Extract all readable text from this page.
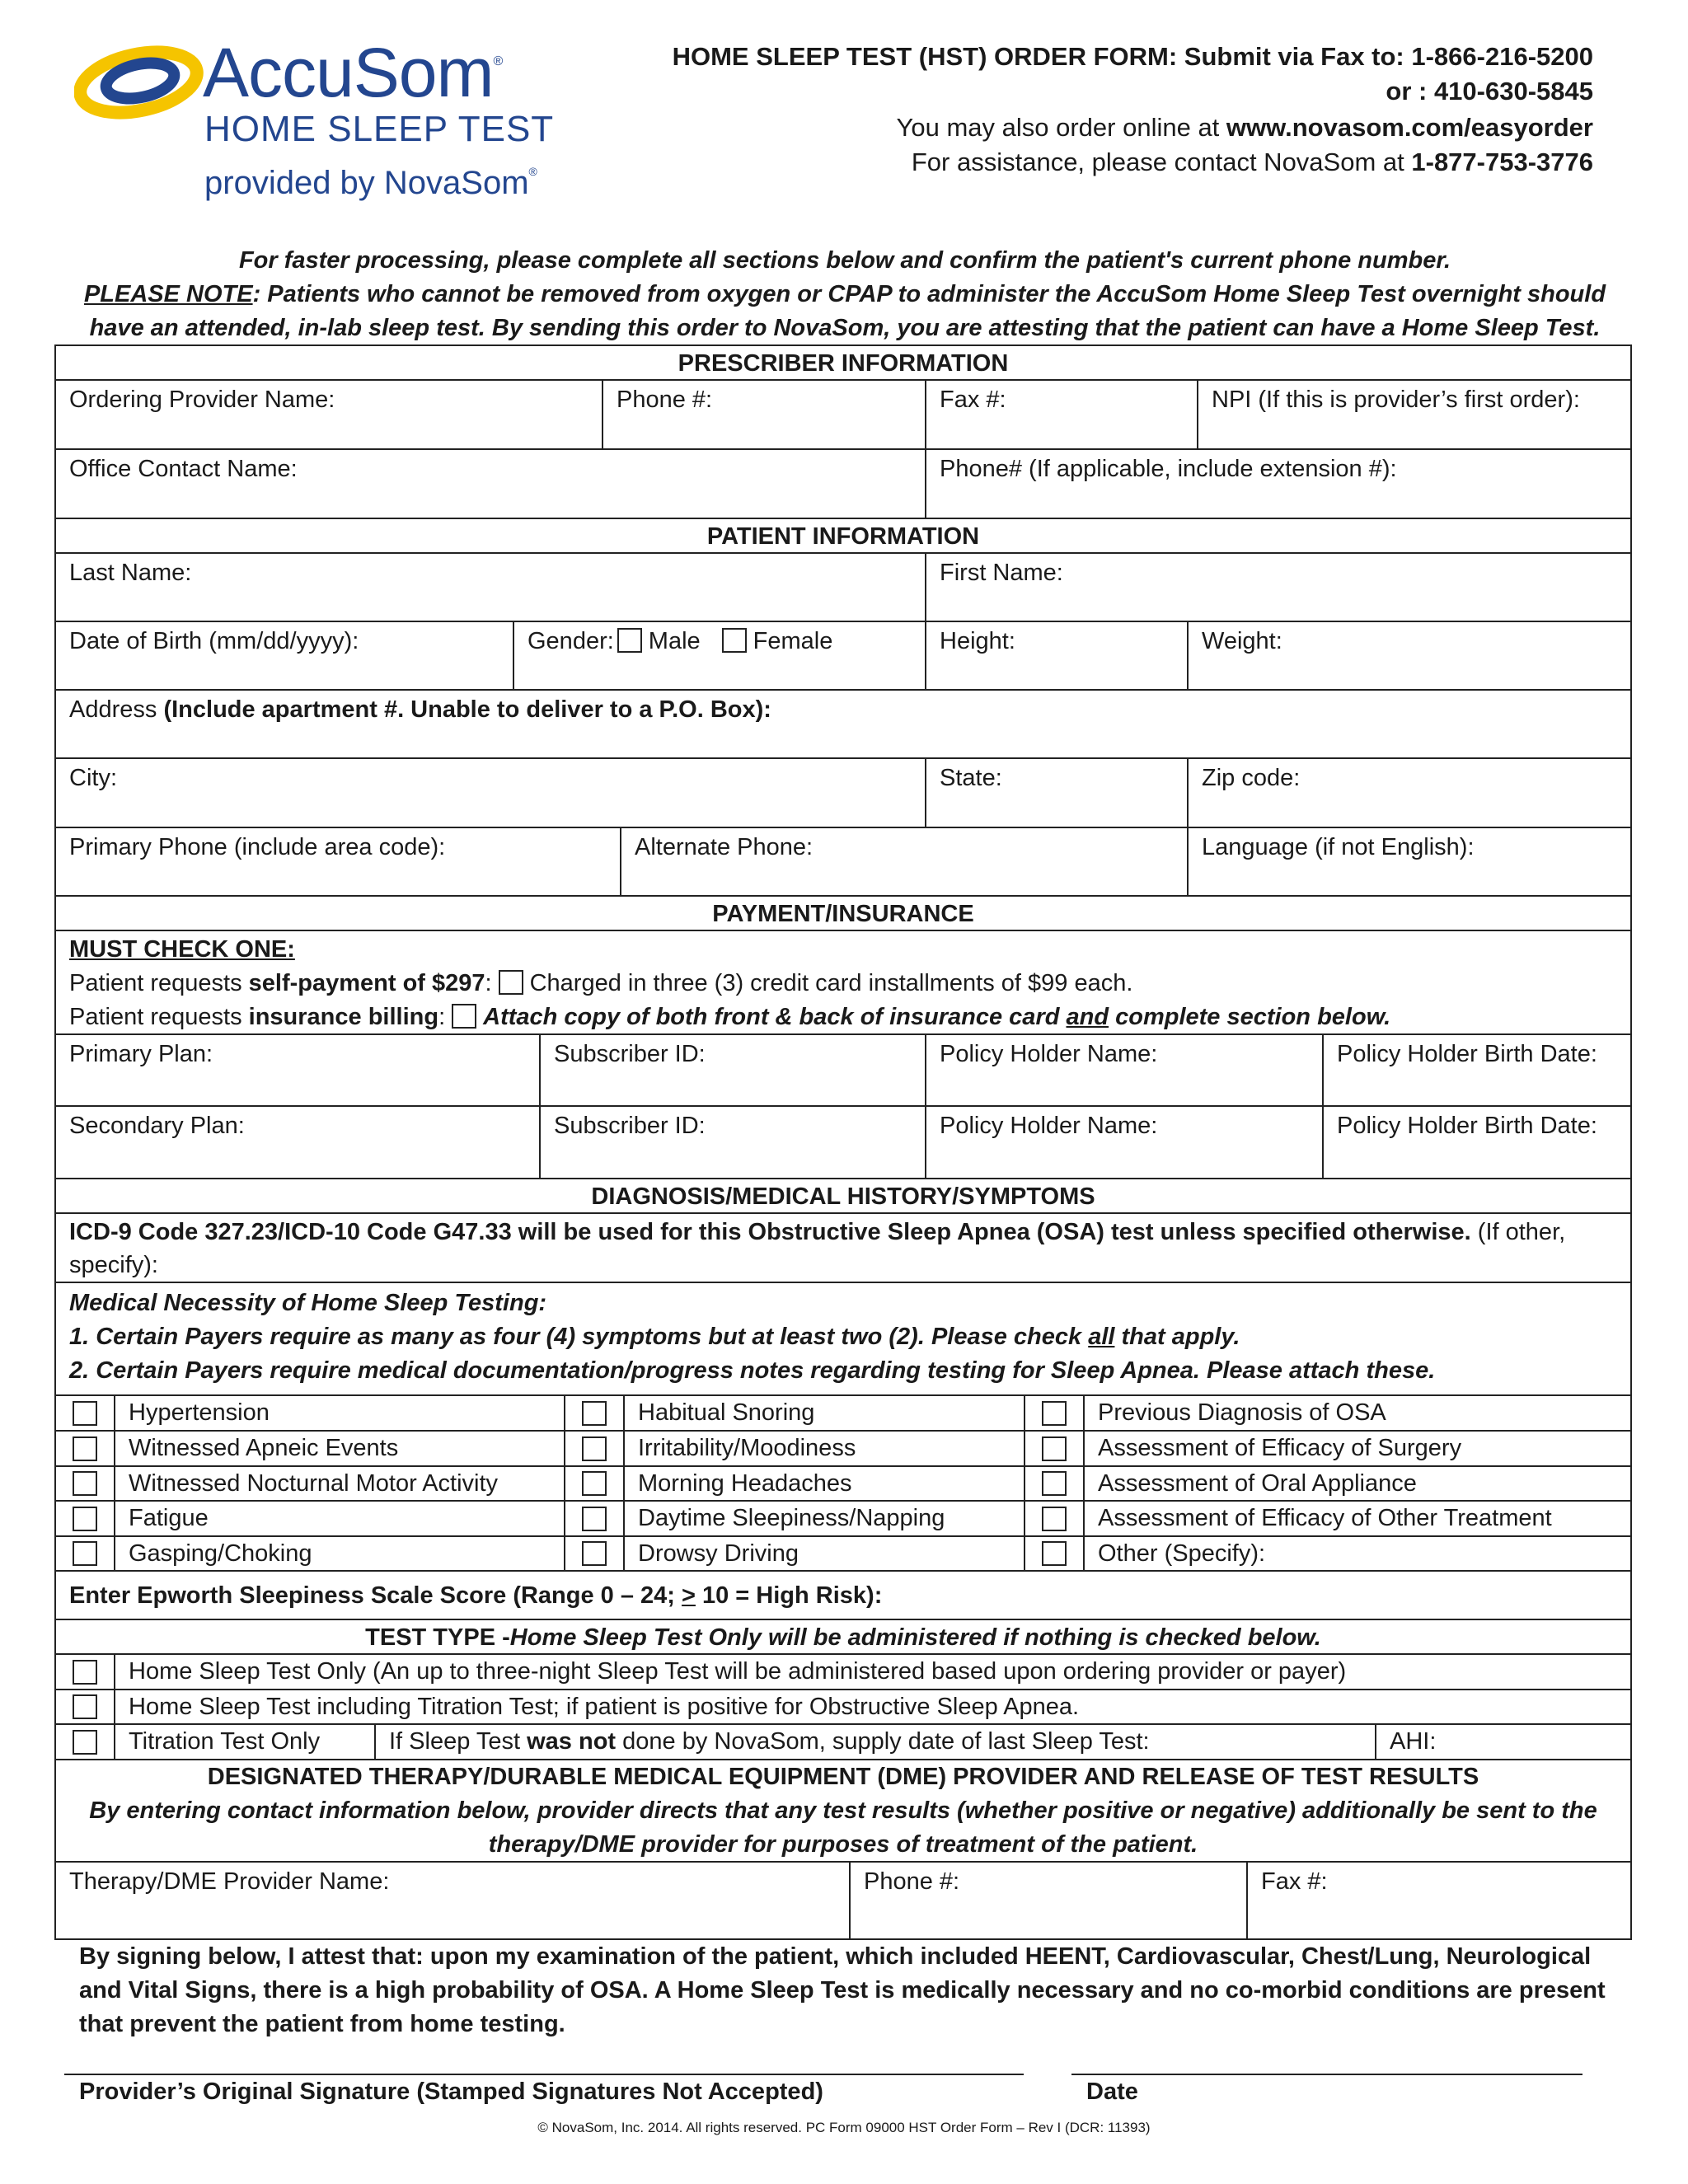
AccuSom®
HOME SLEEP TEST
provided by NovaSom®
HOME SLEEP TEST (HST) ORDER FORM: Submit via Fax to: 1-866-216-5200
or : 410-630-5845
You may also order online at www.novasom.com/easyorder
For assistance, please contact NovaSom at 1-877-753-3776
For faster processing, please complete all sections below and confirm the patient's current phone number.
PLEASE NOTE: Patients who cannot be removed from oxygen or CPAP to administer the AccuSom Home Sleep Test overnight should
have an attended, in-lab sleep test. By sending this order to NovaSom, you are attesting that the patient can have a Home Sleep Test.
PRESCRIBER INFORMATION
Ordering Provider Name:	Phone #:	Fax #:	NPI (If this is provider’s first order):
Office Contact Name:	Phone# (If applicable, include extension #):
PATIENT INFORMATION
Last Name:	First Name:
Date of Birth (mm/dd/yyyy):	Gender: Male Female	Height:	Weight:
Address (Include apartment #. Unable to deliver to a P.O. Box):
City:	State:	Zip code:
Primary Phone (include area code):	Alternate Phone:	Language (if not English):
PAYMENT/INSURANCE
MUST CHECK ONE:
Patient requests self-payment of $297: Charged in three (3) credit card installments of $99 each.
Patient requests insurance billing: Attach copy of both front & back of insurance card and complete section below.
Primary Plan:	Subscriber ID:	Policy Holder Name:	Policy Holder Birth Date:
Secondary Plan:	Subscriber ID:	Policy Holder Name:	Policy Holder Birth Date:
DIAGNOSIS/MEDICAL HISTORY/SYMPTOMS
ICD-9 Code 327.23/ICD-10 Code G47.33 will be used for this Obstructive Sleep Apnea (OSA) test unless specified otherwise. (If other, specify):
Medical Necessity of Home Sleep Testing:
1. Certain Payers require as many as four (4) symptoms but at least two (2). Please check all that apply.
2. Certain Payers require medical documentation/progress notes regarding testing for Sleep Apnea. Please attach these.
Hypertension	Habitual Snoring	Previous Diagnosis of OSA
Witnessed Apneic Events	Irritability/Moodiness	Assessment of Efficacy of Surgery
Witnessed Nocturnal Motor Activity	Morning Headaches	Assessment of Oral Appliance
Fatigue	Daytime Sleepiness/Napping	Assessment of Efficacy of Other Treatment
Gasping/Choking	Drowsy Driving	Other (Specify):
Enter Epworth Sleepiness Scale Score (Range 0 – 24; > 10 = High Risk):
TEST TYPE - Home Sleep Test Only will be administered if nothing is checked below.
Home Sleep Test Only (An up to three-night Sleep Test will be administered based upon ordering provider or payer)
Home Sleep Test including Titration Test; if patient is positive for Obstructive Sleep Apnea.
Titration Test Only	If Sleep Test was not done by NovaSom, supply date of last Sleep Test:	AHI:
DESIGNATED THERAPY/DURABLE MEDICAL EQUIPMENT (DME) PROVIDER AND RELEASE OF TEST RESULTS
By entering contact information below, provider directs that any test results (whether positive or negative) additionally be sent to the
therapy/DME provider for purposes of treatment of the patient.
Therapy/DME Provider Name:	Phone #:	Fax #:
By signing below, I attest that: upon my examination of the patient, which included HEENT, Cardiovascular, Chest/Lung, Neurological
and Vital Signs, there is a high probability of OSA. A Home Sleep Test is medically necessary and no co-morbid conditions are present
that prevent the patient from home testing.
Provider’s Original Signature (Stamped Signatures Not Accepted)	Date
© NovaSom, Inc. 2014. All rights reserved. PC Form 09000 HST Order Form – Rev I (DCR: 11393)
